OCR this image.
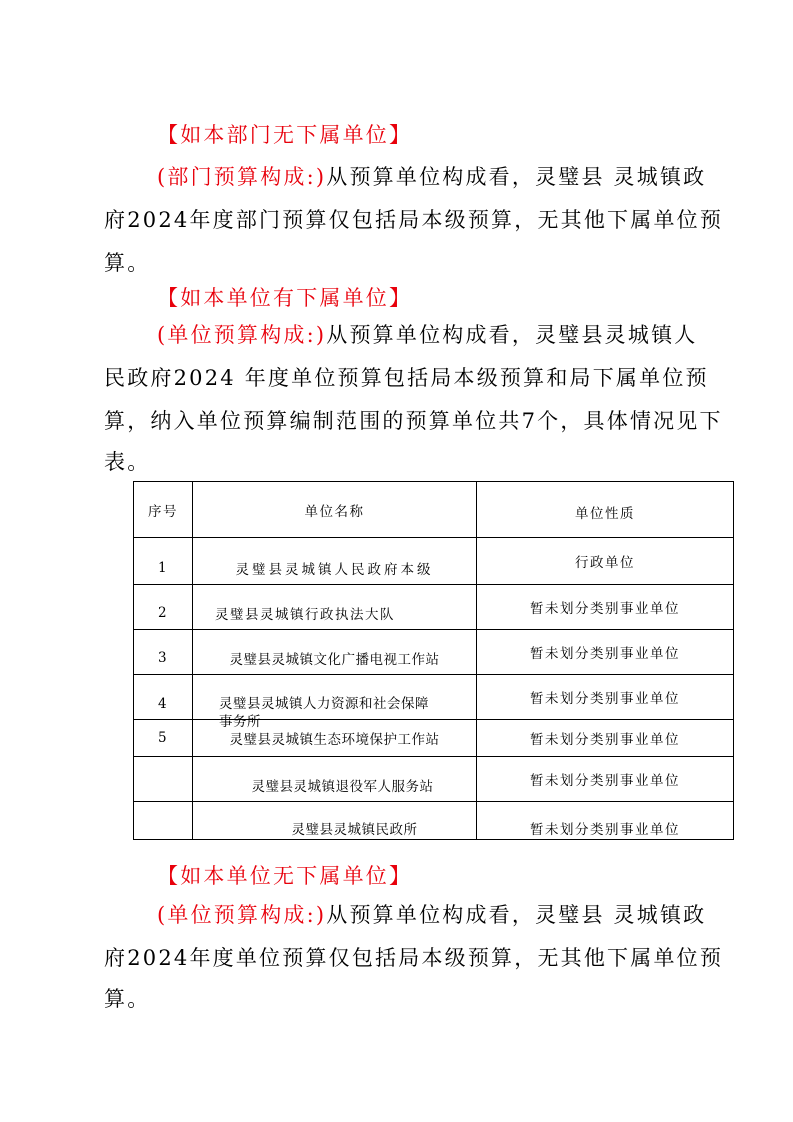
【如本部门无下属单位】
(部门预算构成:)从预算单位构成看，灵璧县 灵城镇政
府2024年度部门预算仅包括局本级预算，无其他下属单位预
算。
【如本单位有下属单位】
(单位预算构成:)从预算单位构成看，灵璧县灵城镇人
民政府2024 年度单位预算包括局本级预算和局下属单位预
算，纳入单位预算编制范围的预算单位共7个，具体情况见下
表。
序号	单位名称	单位性质
1	灵璧县灵城镇人民政府本级	行政单位
2	灵璧县灵城镇行政执法大队	暂未划分类别事业单位
3	灵璧县灵城镇文化广播电视工作站	暂未划分类别事业单位
4	灵璧县灵城镇人力资源和社会保障事务所	暂未划分类别事业单位
5	灵璧县灵城镇生态环境保护工作站	暂未划分类别事业单位
	灵璧县灵城镇退役军人服务站	暂未划分类别事业单位
	灵璧县灵城镇民政所	暂未划分类别事业单位
【如本单位无下属单位】
(单位预算构成:)从预算单位构成看，灵璧县 灵城镇政
府2024年度单位预算仅包括局本级预算，无其他下属单位预
算。
